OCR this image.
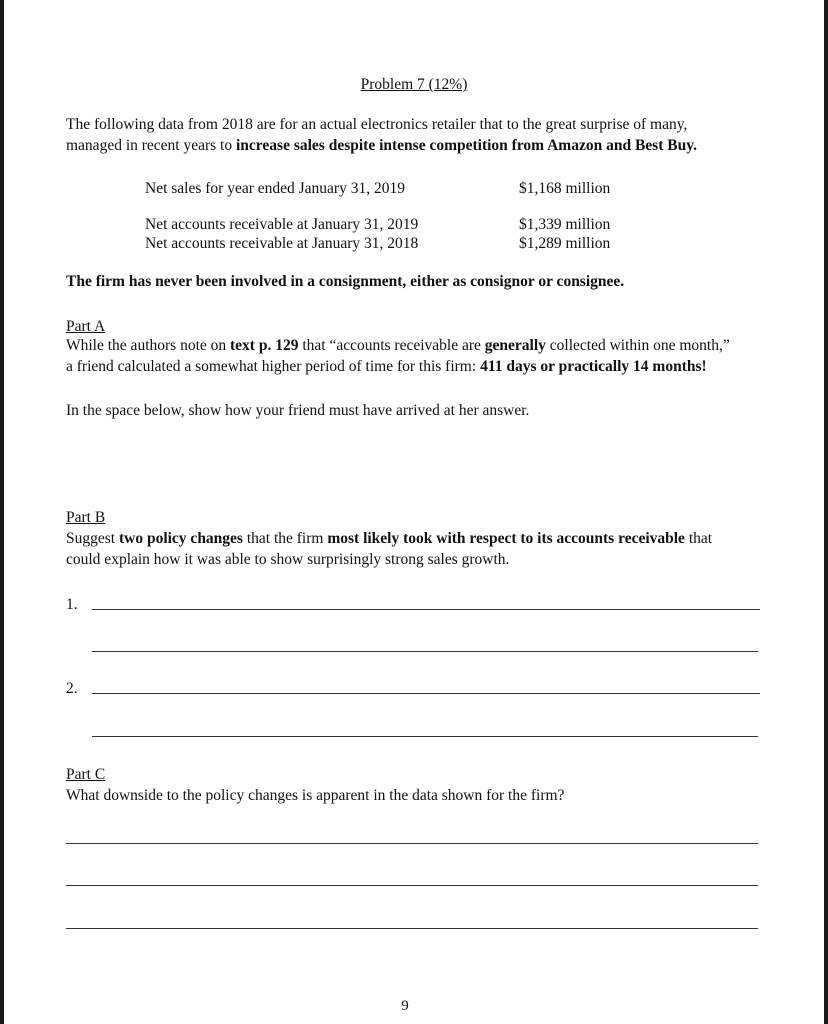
Problem 7 (12%)
The following data from 2018 are for an actual electronics retailer that to the great surprise of many,
managed in recent years to increase sales despite intense competition from Amazon and Best Buy.
Net sales for year ended January 31, 2019	$1,168 million
Net accounts receivable at January 31, 2019	$1,339 million
Net accounts receivable at January 31, 2018	$1,289 million
The firm has never been involved in a consignment, either as consignor or consignee.
Part A
While the authors note on text p. 129 that “accounts receivable are generally collected within one month,”
a friend calculated a somewhat higher period of time for this firm: 411 days or practically 14 months!
In the space below, show how your friend must have arrived at her answer.
Part B
Suggest two policy changes that the firm most likely took with respect to its accounts receivable that
could explain how it was able to show surprisingly strong sales growth.
1.
2.
Part C
What downside to the policy changes is apparent in the data shown for the firm?
9
